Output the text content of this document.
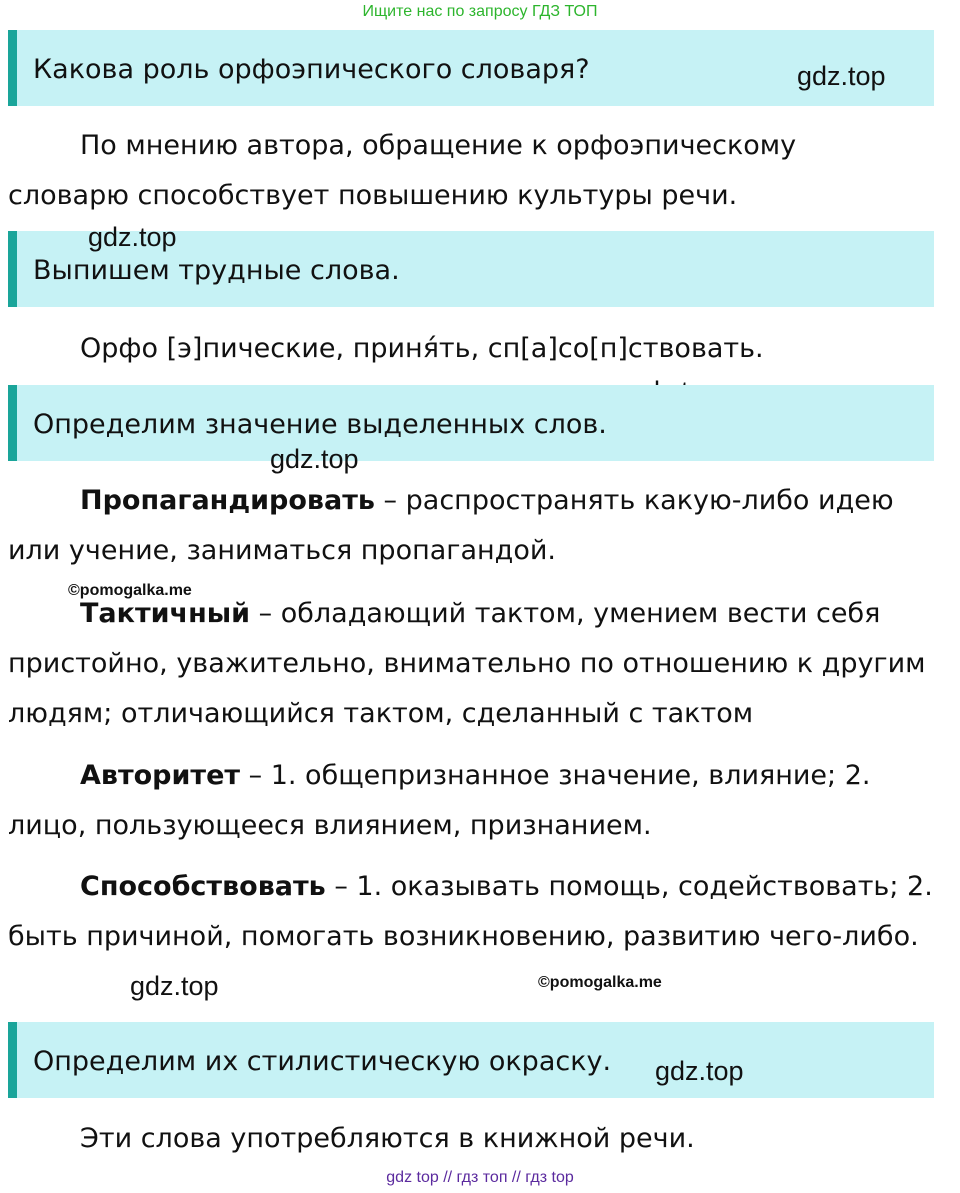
Ищите нас по запросу ГДЗ ТОП
Какова роль орфоэпического словаря?	gdz.top

По мнению автора, обращение к орфоэпическому
словарю способствует повышению культуры речи.

Выпишем трудные слова.
gdz.top

Орфо [э]пические, приня́ть, сп[а]со[п]ствовать.

Определим значение выделенных слов.
gdz.top

Пропагандировать – распространять какую-либо идею или учение, заниматься пропагандой.

©pomogalka.me

Тактичный – обладающий тактом, умением вести себя пристойно, уважительно, внимательно по отношению к другим людям; отличающийся тактом, сделанный с тактом

Авторитет – 1. общепризнанное значение, влияние; 2. лицо, пользующееся влиянием, признанием.

Способствовать – 1. оказывать помощь, содействовать; 2. быть причиной, помогать возникновению, развитию чего-либо.

gdz.top	©pomogalka.me
Определим их стилистическую окраску. gdz.top

Эти слова употребляются в книжной речи.

gdz top // гдз топ // гдз top
